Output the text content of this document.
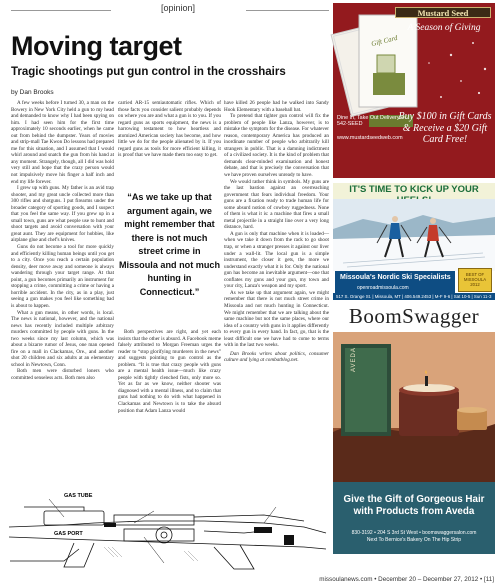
[opinion]
Moving target
Tragic shootings put gun control in the crosshairs
by Dan Brooks

A few weeks before I turned 30, a man on the Bowery in New York City held a gun to my head and demanded to know why I had been spying on him. I had seen him for the first time approximately 10 seconds earlier, when he came out from behind the dumpster. Years of movies and strip-mall Tae Kwon Do lessons had prepared me for this situation, and I assumed that I would whirl around and snatch the gun from his hand at any moment. Strangely, though, all I did was hold very still and hope that the crazy person would not impulsively move his finger a half inch and end my life forever.

I grew up with guns. My father is an avid trap shooter, and my great uncle collected more than 300 rifles and shotguns. I put firearms under the broader category of sporting goods, and I suspect that you feel the same way. If you grew up in a small town, guns are what people use to hunt and shoot targets and avoid conversation with your great aunt. They are equipment for hobbies, like airplane glue and chef's knives.

Guns do not become a tool for more quickly and efficiently killing human beings until you get to a city. Once you reach a certain population density, deer move away and someone is always wandering through your target range. At that point, a gun becomes primarily an instrument for stopping a crime, committing a crime or having a horrible accident. In the city, as in a play, just seeing a gun makes you feel like something bad is about to happen.

What a gun means, in other words, is local. The news is national, however, and the national news has recently included multiple arbitrary murders committed by people with guns. In the two weeks since my last column, which was about a bizarre rumor of Jesus, one man opened fire on a mall in Clackamas, Ore., and another shot 20 children and six adults at an elementary school in Newtown, Conn.

Both men were disturbed loners who committed senseless acts. Both men also

carried AR-15 semiautomatic rifles. Which of those facts you consider salient probably depends on where you are and what a gun is to you. If you regard guns as sports equipment, the news is a harrowing testament to how heartless and atomized American society has become, and how little we do for the people alienated by it. If you regard guns as tools for more efficient killing, it is proof that we have made them too easy to get.

“As we take up that argument again, we might remember that there is not much street crime in Missoula and not much hunting in Connecticut.”

Both perspectives are right, and yet each insists that the other is absurd. A Facebook meme falsely attributed to Morgan Freeman urges the reader to “stop glorifying murderers in the news” and suggests pointing to gun control as the problem. “It is true that crazy people with guns are a mental health issue—much like crazy people with tightly clenched fists, only more so. Yet as far as we know, neither shooter was diagnosed with a mental illness, and to claim that guns had nothing to do with what happened in Clackamas and Newtown is to take the absurd position that Adam Lanza would

have killed 26 people had he walked into Sandy Hook Elementary with a baseball bat.

To pretend that tighter gun control will fix the problem of people like Lanza, however, is to mistake the symptom for the disease. For whatever reason, contemporary America has produced an inordinate number of people who arbitrarily kill strangers in public. That is a damning indictment of a civilized society. It is the kind of problem that demands clear-minded examination and honest debate, and that is precisely the conversation that we have proven ourselves unready to have.

We would rather think in symbols. My guns are the last bastion against an overreaching government that fears individual freedom. Your guns are a fixation ready to trade human life for some absurd notion of cowboy ruggedness. None of them is what it is: a machine that fires a small metal projectile in a straight line over a very long distance, hard.

A gun is only that machine when it is loaded—when we take it down from the rack to go shoot trap, or when a stranger presses it against our liver under a wall-lit. The local gun is a simple instrument, the closer it gets, the more we understand exactly what it is for. Only the national gun has become an inevitable argument—one that conflates my guns and your gun, my town and your city, Lanza's weapon and my sport.

As we take up that argument again, we might remember that there is not much street crime in Missoula and not much hunting in Connecticut. We might remember that we are talking about the same machine but not the same places, where our idea of a country with guns in it applies differently to every gun in every hand. In fact, go, that is the least difficult one we have had to come to terms with in the last two weeks.

Dan Brooks writes about politics, consumer culture and lying at combatblog.net.

GAS TUBE
GAS PORT
missoulanews.com • December 20 – December 27, 2012 • [11]
Mustard Seed
Gift Card
A Season of Giving
Dine In, Take Out Delivery • 542-SEED
www.mustardseedweb.com
Buy $100 in Gift Cards & Receive a $20 Gift Card Free!
IT'S TIME TO KICK UP YOUR
Missoula's Nordic Ski Specialists
openroadmissoula.com
BEST OF MISSOULA 2012
517 S. Orange St. | Missoula, MT | 406.549.2453 | M-F 9-6 | Sat 10-5 | Sun 11-3
BoomSwagger
AVEDA
Give the Gift of Gorgeous Hair with Products from Aveda
830-3192 • 204 S 3rd St West • boomswaggersalon.com
Next To Bernice's Bakery On The Hip Strip
